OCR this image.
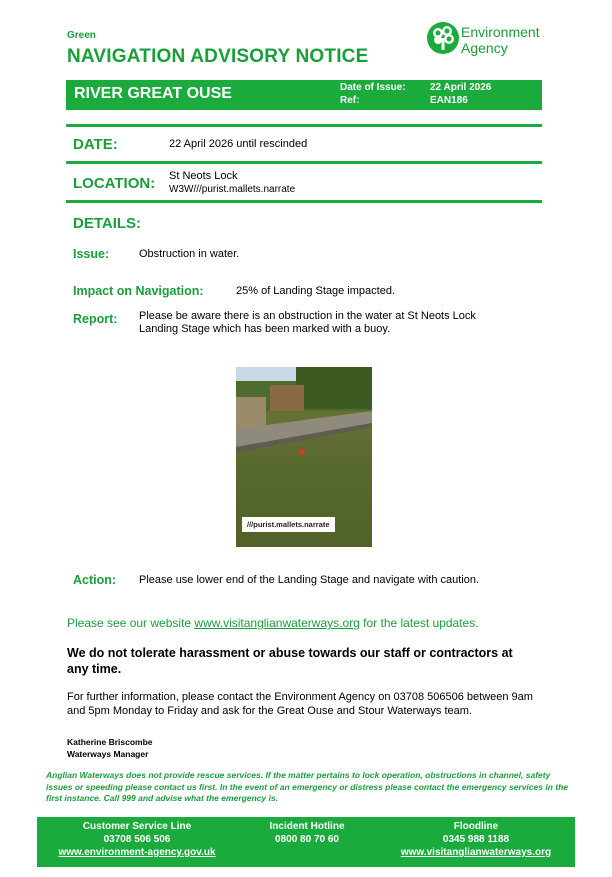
Green
NAVIGATION ADVISORY NOTICE
Environment
Agency
RIVER GREAT OUSE	Date of Issue: 22 April 2026
Ref:	EAN186
DATE:	22 April 2026 until rescinded
LOCATION: St Neots Lock
W3W///purist.mallets.narrate
DETAILS:
Issue:	Obstruction in water.
Impact on Navigation:	25% of Landing Stage impacted.
Report: Please be aware there is an obstruction in the water at St Neots Lock
Landing Stage which has been marked with a buoy.
///purist.mallets.narrate
Action: Please use lower end of the Landing Stage and navigate with caution.
Please see our website www.visitanglianwaterways.org for the latest updates.
We do not tolerate harassment or abuse towards our staff or contractors at any time.
For further information, please contact the Environment Agency on 03708 506506 between 9am and 5pm Monday to Friday and ask for the Great Ouse and Stour Waterways team.
Katherine Briscombe
Waterways Manager
Anglian Waterways does not provide rescue services. If the matter pertains to lock operation, obstructions in channel, safety issues or speeding please contact us first. In the event of an emergency or distress please contact the emergency services in the first instance. Call 999 and advise what the emergency is.
Customer Service Line
03708 506 506
www.environment-agency.gov.uk
Incident Hotline
0800 80 70 60
Floodline
0345 988 1188
www.visitanglianwaterways.org
